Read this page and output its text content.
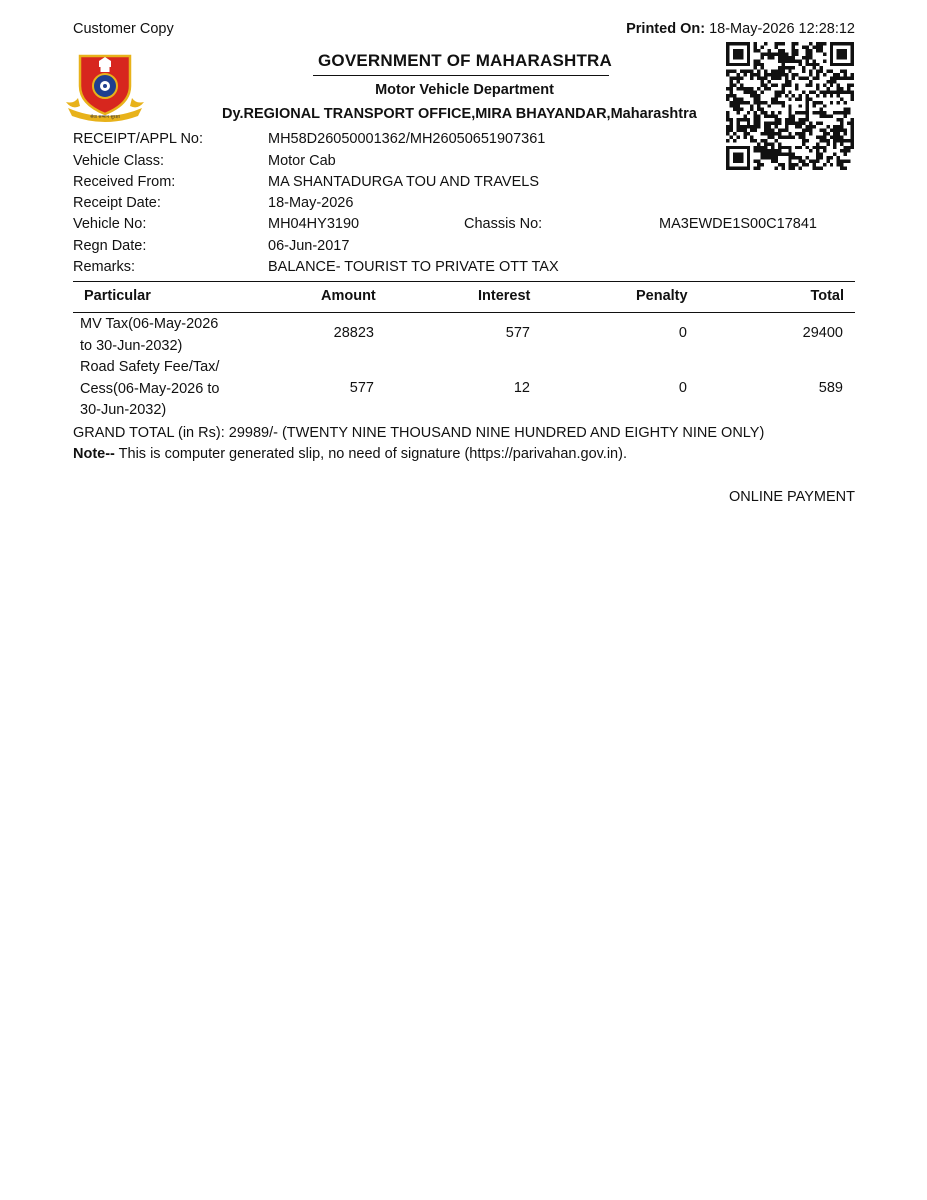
Customer Copy	Printed On: 18-May-2026 12:28:12
सेवा सम्मान सुरक्षा
GOVERNMENT OF MAHARASHTRA
Motor Vehicle Department
Dy.REGIONAL TRANSPORT OFFICE,MIRA BHAYANDAR,Maharashtra
RECEIPT/APPL No:	MH58D26050001362/MH26050651907361
Vehicle Class:	Motor Cab
Received From:	MA SHANTADURGA TOU AND TRAVELS
Receipt Date:	18-May-2026
Vehicle No:	MH04HY3190	Chassis No:	MA3EWDE1S00C17841
Regn Date:	06-Jun-2017
Remarks:	BALANCE- TOURIST TO PRIVATE OTT TAX
Particular	Amount	Interest	Penalty	Total
MV Tax(06-May-2026
to 30-Jun-2032)
28823	577	0	29400
Road Safety Fee/Tax/
Cess(06-May-2026 to
30-Jun-2032)
577	12	0	589
GRAND TOTAL (in Rs): 29989/- (TWENTY NINE THOUSAND NINE HUNDRED AND EIGHTY NINE ONLY)
Note-- This is computer generated slip, no need of signature (https://parivahan.gov.in).
ONLINE PAYMENT
